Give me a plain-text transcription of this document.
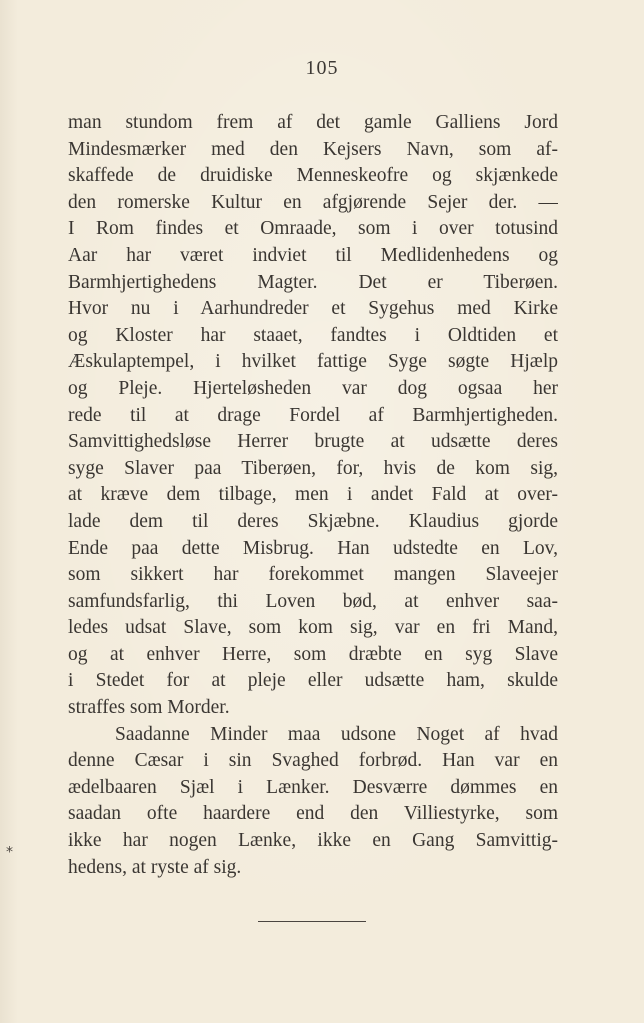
105
man stundom frem af det gamle Galliens Jord
Mindesmærker med den Kejsers Navn, som af-
skaffede de druidiske Menneskeofre og skjænkede
den romerske Kultur en afgjørende Sejer der. —
I Rom findes et Omraade, som i over totusind
Aar har været indviet til Medlidenhedens og
Barmhjertighedens Magter. Det er Tiberøen.
Hvor nu i Aarhundreder et Sygehus med Kirke
og Kloster har staaet, fandtes i Oldtiden et
Æskulaptempel, i hvilket fattige Syge søgte Hjælp
og Pleje. Hjerteløsheden var dog ogsaa her
rede til at drage Fordel af Barmhjertigheden.
Samvittighedsløse Herrer brugte at udsætte deres
syge Slaver paa Tiberøen, for, hvis de kom sig,
at kræve dem tilbage, men i andet Fald at over-
lade dem til deres Skjæbne. Klaudius gjorde
Ende paa dette Misbrug. Han udstedte en Lov,
som sikkert har forekommet mangen Slaveejer
samfundsfarlig, thi Loven bød, at enhver saa-
ledes udsat Slave, som kom sig, var en fri Mand,
og at enhver Herre, som dræbte en syg Slave
i Stedet for at pleje eller udsætte ham, skulde
straffes som Morder.
Saadanne Minder maa udsone Noget af hvad
denne Cæsar i sin Svaghed forbrød. Han var en
ædelbaaren Sjæl i Lænker. Desværre dømmes en
saadan ofte haardere end den Villiestyrke, som
ikke har nogen Lænke, ikke en Gang Samvittig-
hedens, at ryste af sig.
⁎
